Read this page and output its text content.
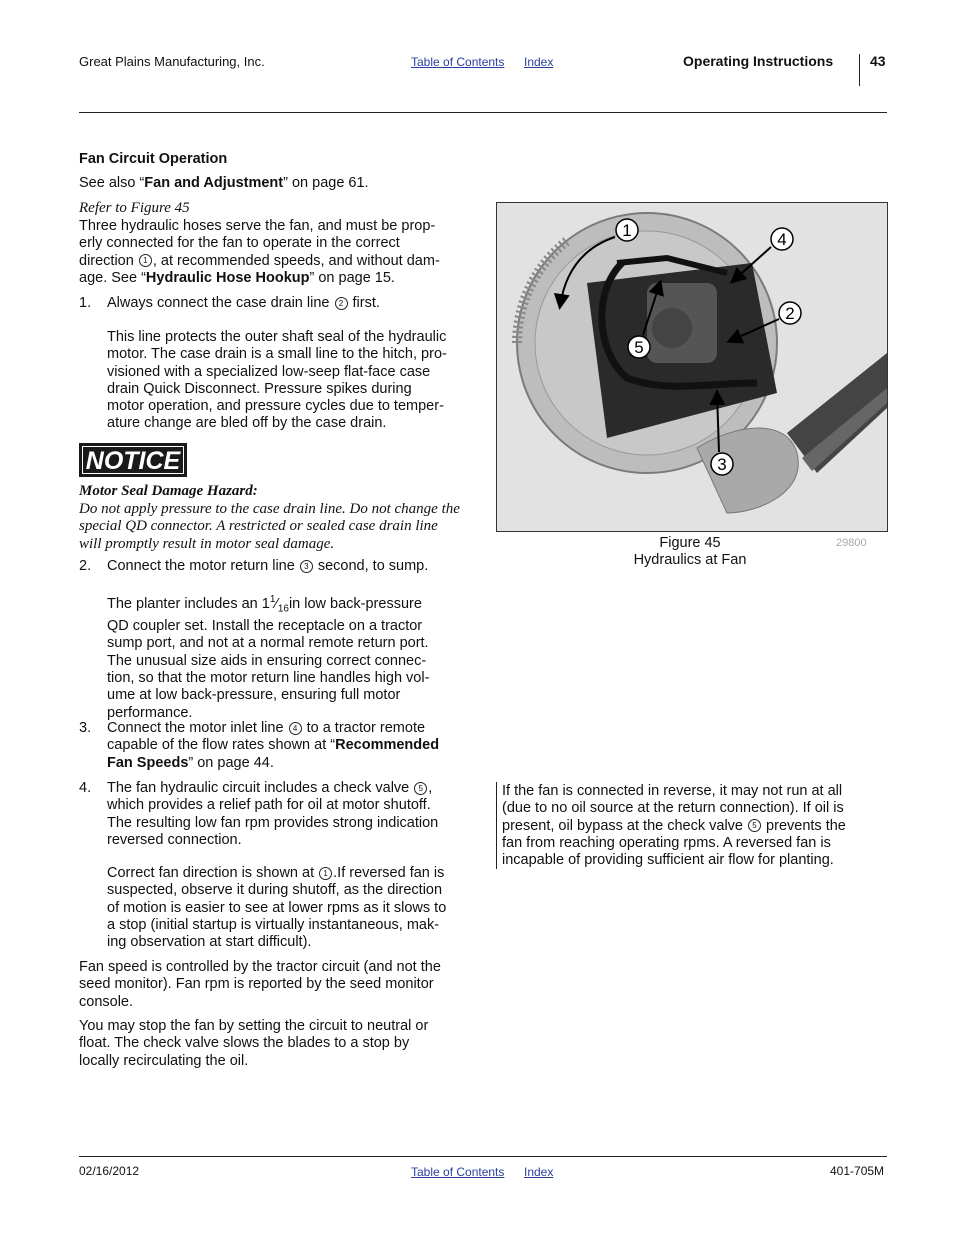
Great Plains Manufacturing, Inc.	Table of Contents Index	Operating Instructions	43
Fan Circuit Operation
See also “Fan and Adjustment” on page 61.
Refer to Figure 45
Three hydraulic hoses serve the fan, and must be prop-
erly connected for the fan to operate in the correct
direction 1 , at recommended speeds, and without dam-
age. See “Hydraulic Hose Hookup” on page 15.
1. Always connect the case drain line 2 first.
This line protects the outer shaft seal of the hydraulic
motor. The case drain is a small line to the hitch, pro-
visioned with a specialized low-seep flat-face case
drain Quick Disconnect. Pressure spikes during
motor operation, and pressure cycles due to temper-
ature change are bled off by the case drain.
NOTICE
Motor Seal Damage Hazard:
Do not apply pressure to the case drain line. Do not change the
special QD connector. A restricted or sealed case drain line
will promptly result in motor seal damage.
2. Connect the motor return line 3 second, to sump.
The planter includes an $1^1⁄_{16}in$ low back-pressure
QD coupler set. Install the receptacle on a tractor
sump port, and not at a normal remote return port.
The unusual size aids in ensuring correct connec-
tion, so that the motor return line handles high vol-
ume at low back-pressure, ensuring full motor
performance.
3. Connect the motor inlet line 4 to a tractor remote
capable of the flow rates shown at “Recommended
Fan Speeds” on page 44.
4. The fan hydraulic circuit includes a check valve 5 ,
which provides a relief path for oil at motor shutoff.
The resulting low fan rpm provides strong indication
reversed connection.
Correct fan direction is shown at 1 .If reversed fan is
suspected, observe it during shutoff, as the direction
of motion is easier to see at lower rpms as it slows to
a stop (initial startup is virtually instantaneous, mak-
ing observation at start difficult).
Fan speed is controlled by the tractor circuit (and not the
seed monitor). Fan rpm is reported by the seed monitor
console.
You may stop the fan by setting the circuit to neutral or
float. The check valve slows the blades to a stop by
locally recirculating the oil.
1	4
2
5
3
Figure 45
Hydraulics at Fan
29800
If the fan is connected in reverse, it may not run at all
(due to no oil source at the return connection). If oil is
present, oil bypass at the check valve 5 prevents the
fan from reaching operating rpms. A reversed fan is
incapable of providing sufficient air flow for planting.
02/16/2012	Table of Contents Index	401-705M
